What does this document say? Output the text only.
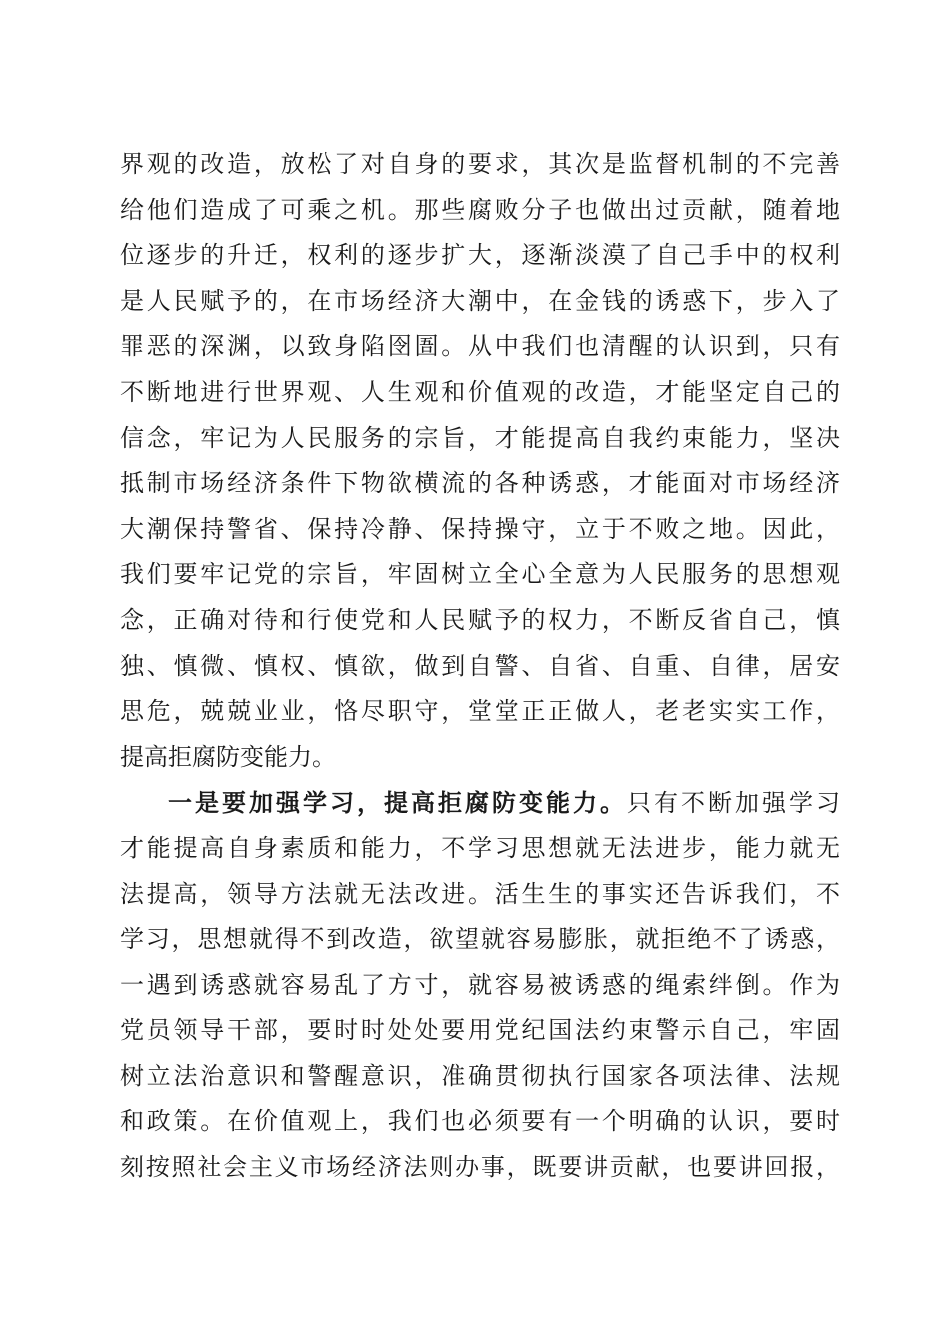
界观的改造，放松了对自身的要求，其次是监督机制的不完善
给他们造成了可乘之机。那些腐败分子也做出过贡献，随着地
位逐步的升迁，权利的逐步扩大，逐渐淡漠了自己手中的权利
是人民赋予的，在市场经济大潮中，在金钱的诱惑下，步入了
罪恶的深渊，以致身陷囹圄。从中我们也清醒的认识到，只有
不断地进行世界观、人生观和价值观的改造，才能坚定自己的
信念，牢记为人民服务的宗旨，才能提高自我约束能力，坚决
抵制市场经济条件下物欲横流的各种诱惑，才能面对市场经济
大潮保持警省、保持冷静、保持操守，立于不败之地。因此，
我们要牢记党的宗旨，牢固树立全心全意为人民服务的思想观
念，正确对待和行使党和人民赋予的权力，不断反省自己，慎
独、慎微、慎权、慎欲，做到自警、自省、自重、自律，居安
思危，兢兢业业，恪尽职守，堂堂正正做人，老老实实工作，
提高拒腐防变能力。
一是要加强学习，提高拒腐防变能力。只有不断加强学习
才能提高自身素质和能力，不学习思想就无法进步，能力就无
法提高，领导方法就无法改进。活生生的事实还告诉我们，不
学习，思想就得不到改造，欲望就容易膨胀，就拒绝不了诱惑，
一遇到诱惑就容易乱了方寸，就容易被诱惑的绳索绊倒。作为
党员领导干部，要时时处处要用党纪国法约束警示自己，牢固
树立法治意识和警醒意识，准确贯彻执行国家各项法律、法规
和政策。在价值观上，我们也必须要有一个明确的认识，要时
刻按照社会主义市场经济法则办事，既要讲贡献，也要讲回报，
